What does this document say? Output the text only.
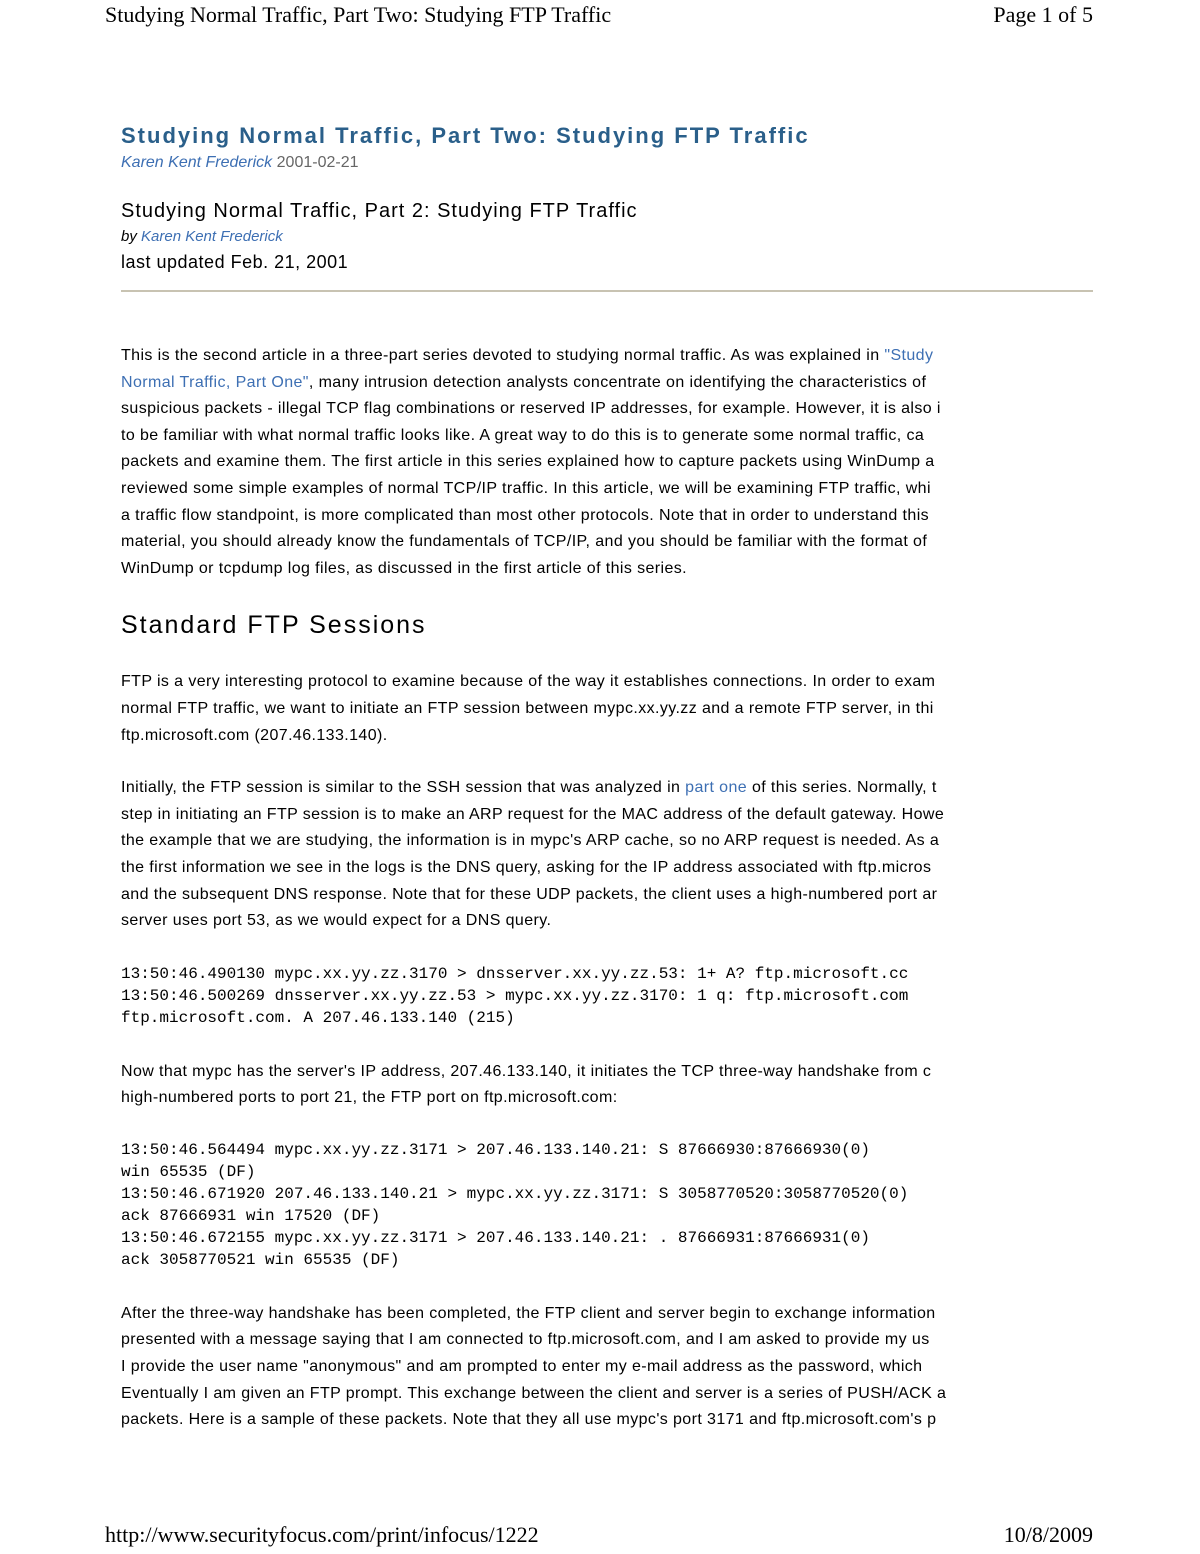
Studying Normal Traffic, Part Two: Studying FTP Traffic	Page 1 of 5
Studying Normal Traffic, Part Two: Studying FTP Traffic
Karen Kent Frederick 2001-02-21
Studying Normal Traffic, Part 2: Studying FTP Traffic
by Karen Kent Frederick
last updated Feb. 21, 2001

This is the second article in a three-part series devoted to studying normal traffic. As was explained in "Study
Normal Traffic, Part One", many intrusion detection analysts concentrate on identifying the characteristics of
suspicious packets - illegal TCP flag combinations or reserved IP addresses, for example. However, it is also i
to be familiar with what normal traffic looks like. A great way to do this is to generate some normal traffic, ca
packets and examine them. The first article in this series explained how to capture packets using WinDump a
reviewed some simple examples of normal TCP/IP traffic. In this article, we will be examining FTP traffic, whi
a traffic flow standpoint, is more complicated than most other protocols. Note that in order to understand this
material, you should already know the fundamentals of TCP/IP, and you should be familiar with the format of
WinDump or tcpdump log files, as discussed in the first article of this series.

Standard FTP Sessions

FTP is a very interesting protocol to examine because of the way it establishes connections. In order to exam
normal FTP traffic, we want to initiate an FTP session between mypc.xx.yy.zz and a remote FTP server, in thi
ftp.microsoft.com (207.46.133.140).

Initially, the FTP session is similar to the SSH session that was analyzed in part one of this series. Normally, t
step in initiating an FTP session is to make an ARP request for the MAC address of the default gateway. Howe
the example that we are studying, the information is in mypc's ARP cache, so no ARP request is needed. As a
the first information we see in the logs is the DNS query, asking for the IP address associated with ftp.micros
and the subsequent DNS response. Note that for these UDP packets, the client uses a high-numbered port ar
server uses port 53, as we would expect for a DNS query.

13:50:46.490130 mypc.xx.yy.zz.3170 > dnsserver.xx.yy.zz.53: 1+ A? ftp.microsoft.cc
13:50:46.500269 dnsserver.xx.yy.zz.53 > mypc.xx.yy.zz.3170: 1 q: ftp.microsoft.com
ftp.microsoft.com. A 207.46.133.140 (215)

Now that mypc has the server's IP address, 207.46.133.140, it initiates the TCP three-way handshake from c
high-numbered ports to port 21, the FTP port on ftp.microsoft.com:

13:50:46.564494 mypc.xx.yy.zz.3171 > 207.46.133.140.21: S 87666930:87666930(0)
win 65535 (DF)
13:50:46.671920 207.46.133.140.21 > mypc.xx.yy.zz.3171: S 3058770520:3058770520(0)
ack 87666931 win 17520 (DF)
13:50:46.672155 mypc.xx.yy.zz.3171 > 207.46.133.140.21: . 87666931:87666931(0)
ack 3058770521 win 65535 (DF)

After the three-way handshake has been completed, the FTP client and server begin to exchange information
presented with a message saying that I am connected to ftp.microsoft.com, and I am asked to provide my us
I provide the user name "anonymous" and am prompted to enter my e-mail address as the password, which
Eventually I am given an FTP prompt. This exchange between the client and server is a series of PUSH/ACK a
packets. Here is a sample of these packets. Note that they all use mypc's port 3171 and ftp.microsoft.com's p

http://www.securityfocus.com/print/infocus/1222	10/8/2009
